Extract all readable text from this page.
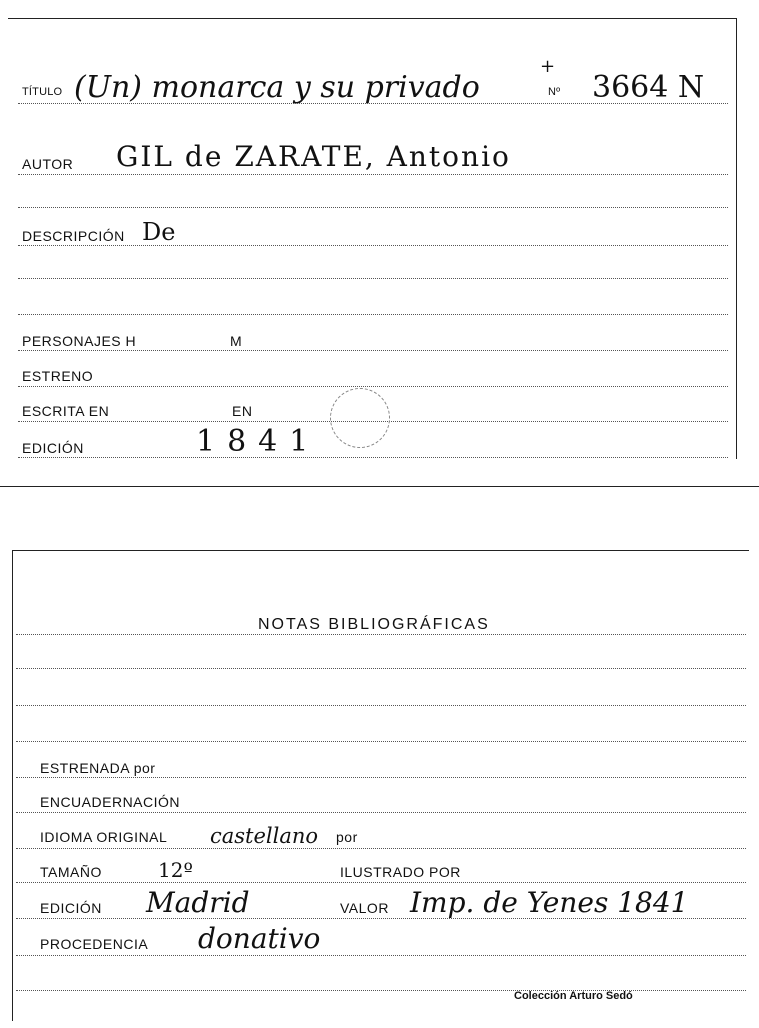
TÍTULO (Un) monarca y su privado
+
Nº 3664 N
AUTOR GIL de ZARATE, Antonio
DESCRIPCIÓN De
PERSONAJES H	M
ESTRENO
ESCRITA EN	EN
EDICIÓN	1841
NOTAS BIBLIOGRÁFICAS
ESTRENADA por
ENCUADERNACIÓN
IDIOMA ORIGINAL castellano por
TAMAÑO	12º	ILUSTRADO POR
EDICIÓN Madrid	VALOR Imp. de Yenes 1841
PROCEDENCIA donativo
Colección Arturo Sedó
